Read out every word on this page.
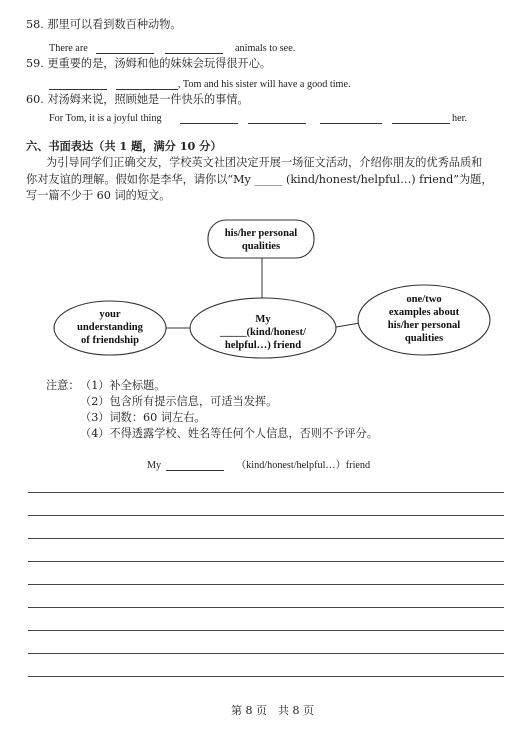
58. 那里可以看到数百种动物。
There are	animals to see.
59. 更重要的是，汤姆和他的妹妹会玩得很开心。
, Tom and his sister will have a good time.
60. 对汤姆来说，照顾她是一件快乐的事情。
For Tom, it is a joyful thing	her.
六、书面表达（共 1 题，满分 10 分）
为引导同学们正确交友，学校英文社团决定开展一场征文活动，介绍你朋友的优秀品质和
你对友谊的理解。假如你是李华，请你以“My _____ (kind/honest/helpful…) friend”为题，
写一篇不少于 60 词的短文。
his/her personal
qualities
your
understanding
of friendship
My
_____(kind/honest/
helpful…) friend
one/two
examples about
his/her personal
qualities
注意： （1）补全标题。
（2）包含所有提示信息，可适当发挥。
（3）词数：60 词左右。
（4）不得透露学校、姓名等任何个人信息，否则不予评分。
My	（kind/honest/helpful…）friend
第 8 页　共 8 页
